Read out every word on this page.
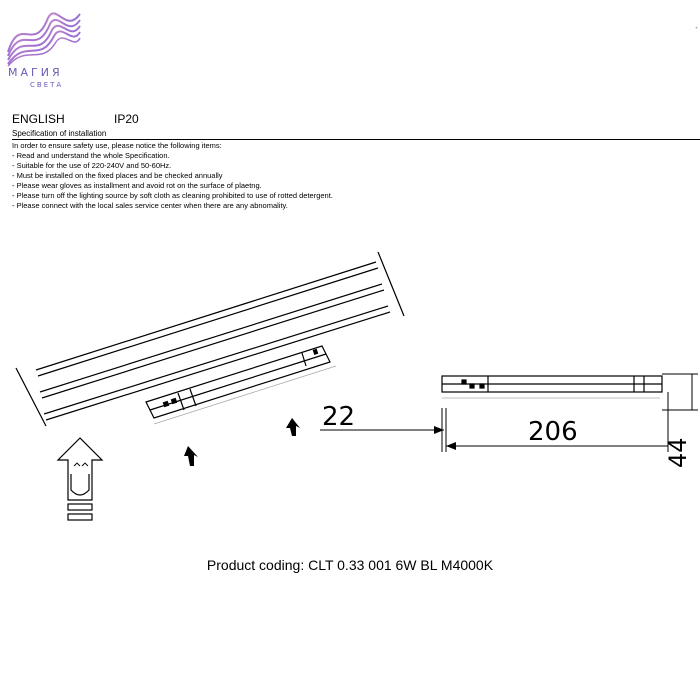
МАГИЯ
СВЕТА
`
ENGLISH	IP20
Specification of installation
In order to ensure safety use, please notice the following items:
- Read and understand the whole Specification.
- Suitable for the use of 220-240V and 50-60Hz.
- Must be installed on the fixed places and be checked annually
- Please wear gloves as installment and avoid rot on the surface of plaetng.
- Please turn off the lighting source by soft cloth as cleaning prohibited to use of rotted detergent.
- Please connect with the local sales service center when there are any abnomality.
22	206
44
Product coding: CLT 0.33 001 6W BL M4000K
